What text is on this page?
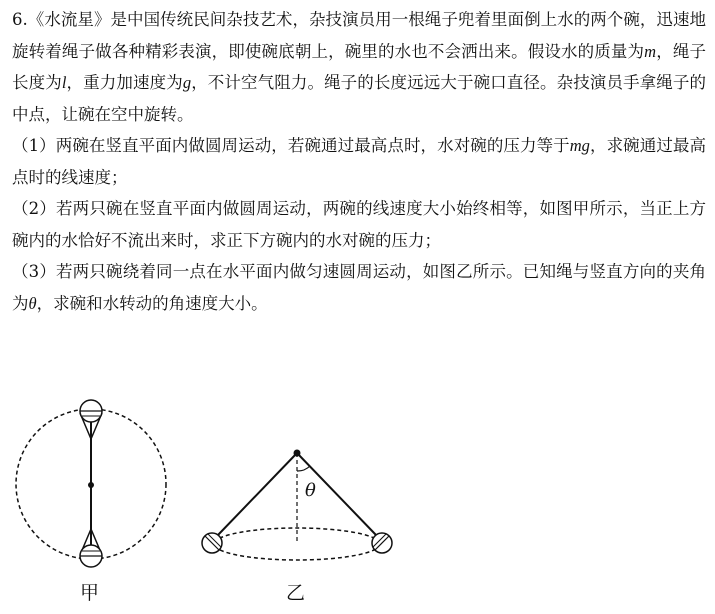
6.《水流星》是中国传统民间杂技艺术，杂技演员用一根绳子兜着里面倒上水的两个碗，迅速地旋转着绳子做各种精彩表演，即使碗底朝上，碗里的水也不会洒出来。假设水的质量为m，绳子长度为l，重力加速度为g，不计空气阻力。绳子的长度远远大于碗口直径。杂技演员手拿绳子的中点，让碗在空中旋转。

（1）两碗在竖直平面内做圆周运动，若碗通过最高点时，水对碗的压力等于mg，求碗通过最高点时的线速度；

（2）若两只碗在竖直平面内做圆周运动，两碗的线速度大小始终相等，如图甲所示，当正上方碗内的水恰好不流出来时，求正下方碗内的水对碗的压力；

（3）若两只碗绕着同一点在水平面内做匀速圆周运动，如图乙所示。已知绳与竖直方向的夹角为θ，求碗和水转动的角速度大小。

甲
θ
乙
